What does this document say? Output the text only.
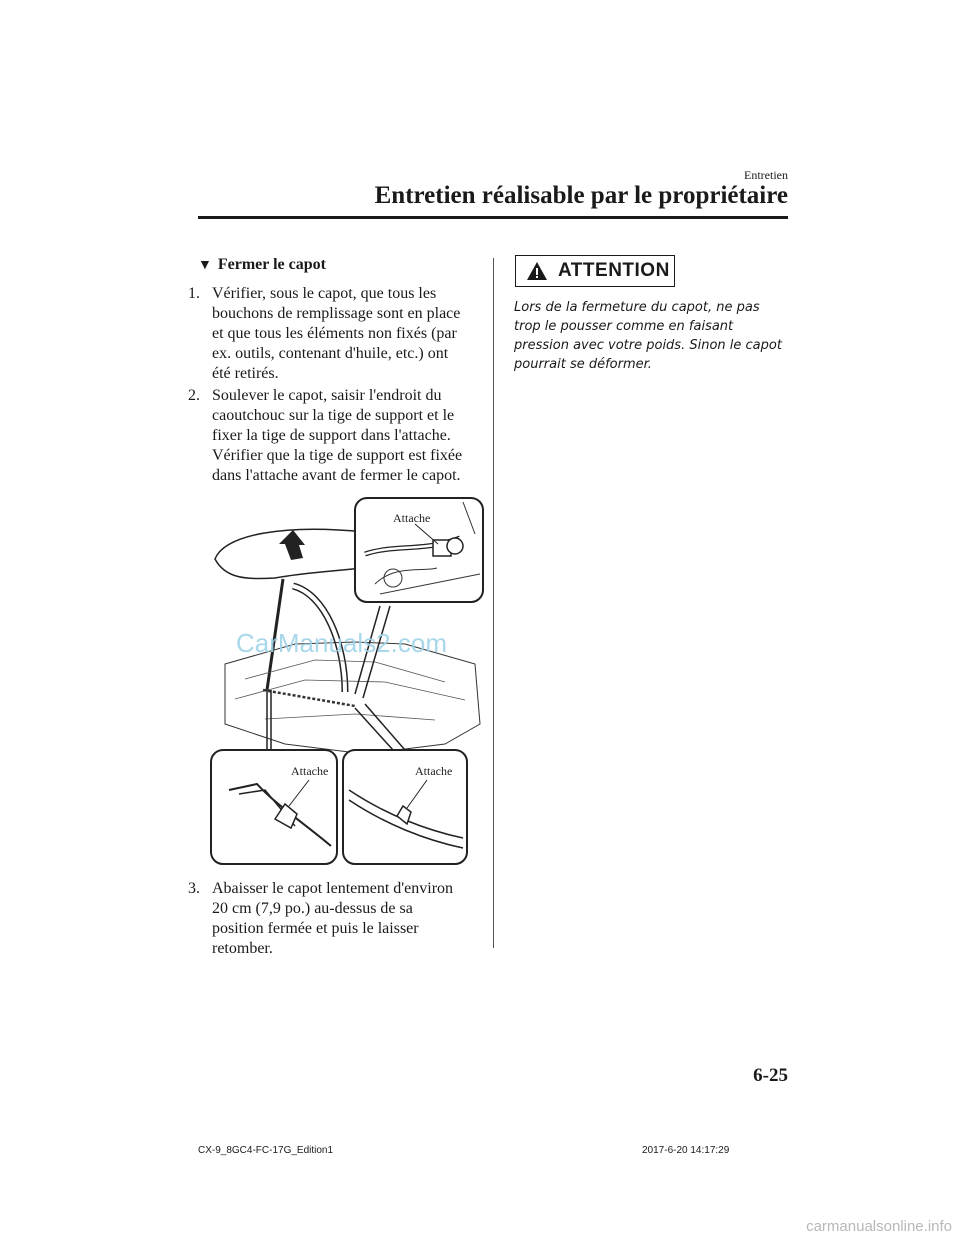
Entretien
Entretien réalisable par le propriétaire
▼ Fermer le capot
1. Vérifier, sous le capot, que tous les bouchons de remplissage sont en place et que tous les éléments non fixés (par ex. outils, contenant d'huile, etc.) ont été retirés.
2. Soulever le capot, saisir l'endroit du caoutchouc sur la tige de support et le fixer la tige de support dans l'attache. Vérifier que la tige de support est fixée dans l'attache avant de fermer le capot.
Attache
Attache	Attache
CarManuals2.com
3. Abaisser le capot lentement d'environ 20 cm (7,9 po.) au-dessus de sa position fermée et puis le laisser retomber.
ATTENTION
Lors de la fermeture du capot, ne pas trop le pousser comme en faisant pression avec votre poids. Sinon le capot pourrait se déformer.
6-25
CX-9_8GC4-FC-17G_Edition1	2017-6-20 14:17:29
carmanualsonline.info
